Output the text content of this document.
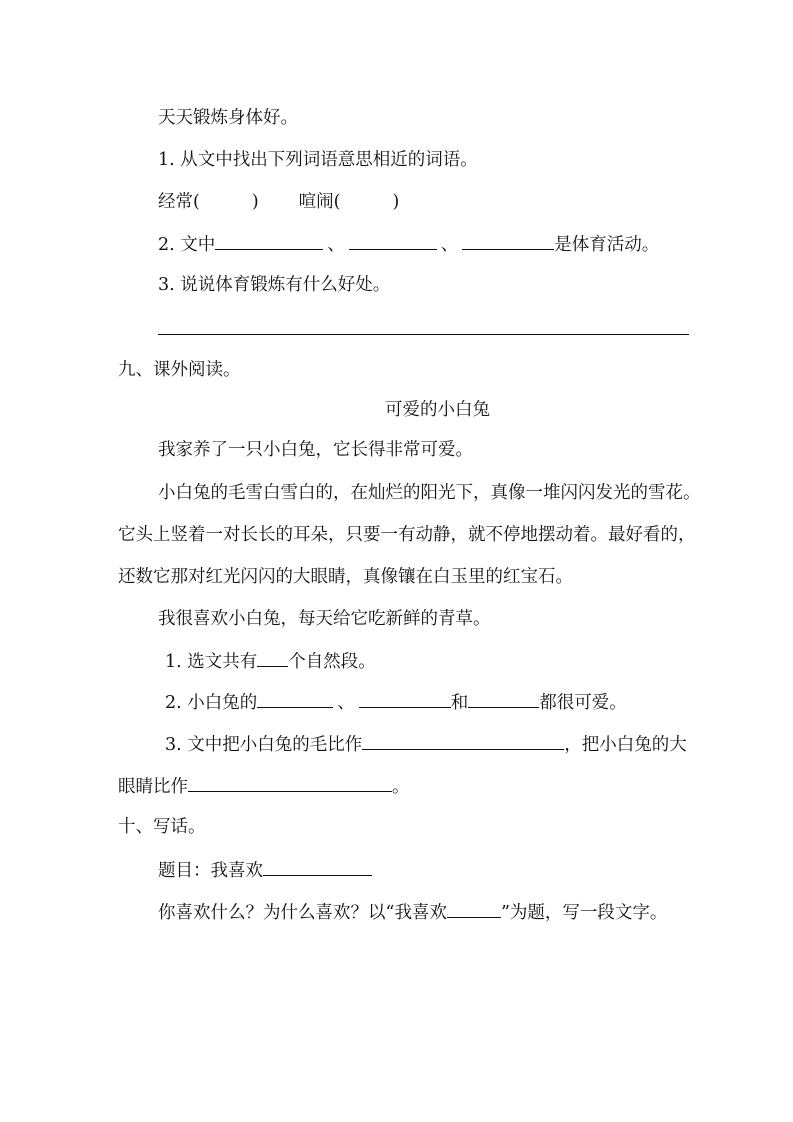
天天锻炼身体好。
1. 从文中找出下列词语意思相近的词语。
经常(	) 喧闹(	)
2. 文中	、	、	是体育活动。
3. 说说体育锻炼有什么好处。
九、课外阅读。
可爱的小白兔
我家养了一只小白兔，它长得非常可爱。
小白兔的毛雪白雪白的，在灿烂的阳光下，真像一堆闪闪发光的雪花。
它头上竖着一对长长的耳朵，只要一有动静，就不停地摆动着。最好看的，
还数它那对红光闪闪的大眼睛，真像镶在白玉里的红宝石。
我很喜欢小白兔，每天给它吃新鲜的青草。
1. 选文共有 个自然段。
2. 小白兔的	、	和	都很可爱。
3. 文中把小白兔的毛比作	，把小白兔的大
眼睛比作	。
十、写话。
题目：我喜欢
你喜欢什么？为什么喜欢？以“我喜欢	”为题，写一段文字。
